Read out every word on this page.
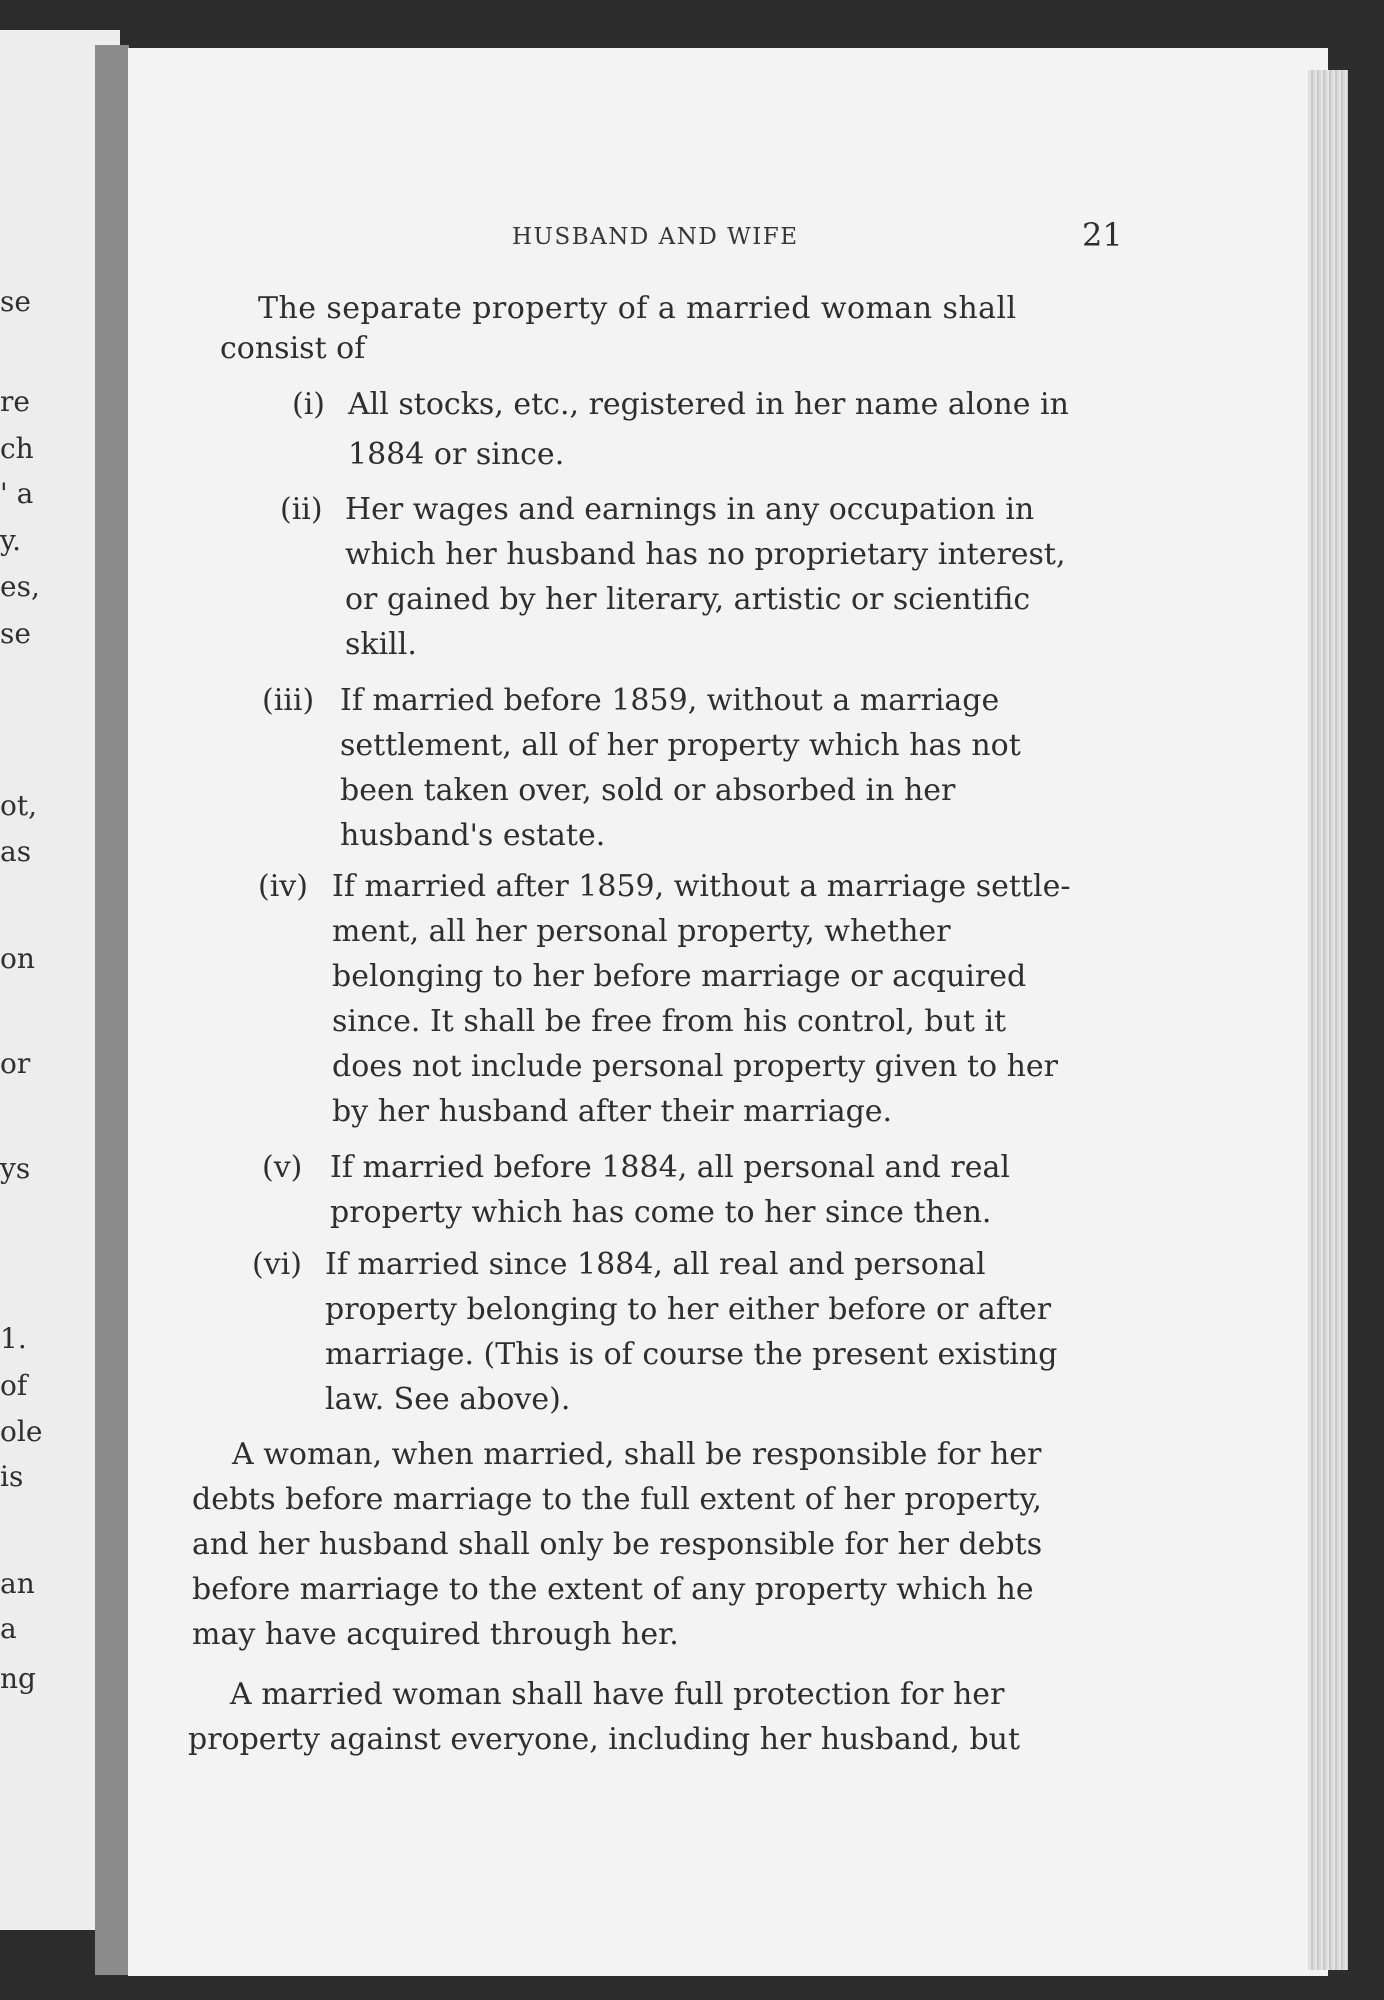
se
re
ch
' a
y.
es,
se
ot,
as
on
or
ys
1.
of
ole
is
an
a
ng
HUSBAND AND WIFE	21
The separate property of a married woman shall
consist of
(i) All stocks, etc., registered in her name alone in
1884 or since.
(ii) Her wages and earnings in any occupation in
which her husband has no proprietary interest,
or gained by her literary, artistic or scientific
skill.
(iii) If married before 1859, without a marriage
settlement, all of her property which has not
been taken over, sold or absorbed in her
husband's estate.
(iv) If married after 1859, without a marriage settle-
ment, all her personal property, whether
belonging to her before marriage or acquired
since. It shall be free from his control, but it
does not include personal property given to her
by her husband after their marriage.
(v) If married before 1884, all personal and real
property which has come to her since then.
(vi) If married since 1884, all real and personal
property belonging to her either before or after
marriage. (This is of course the present existing
law. See above).
A woman, when married, shall be responsible for her
debts before marriage to the full extent of her property,
and her husband shall only be responsible for her debts
before marriage to the extent of any property which he
may have acquired through her.
A married woman shall have full protection for her
property against everyone, including her husband, but
